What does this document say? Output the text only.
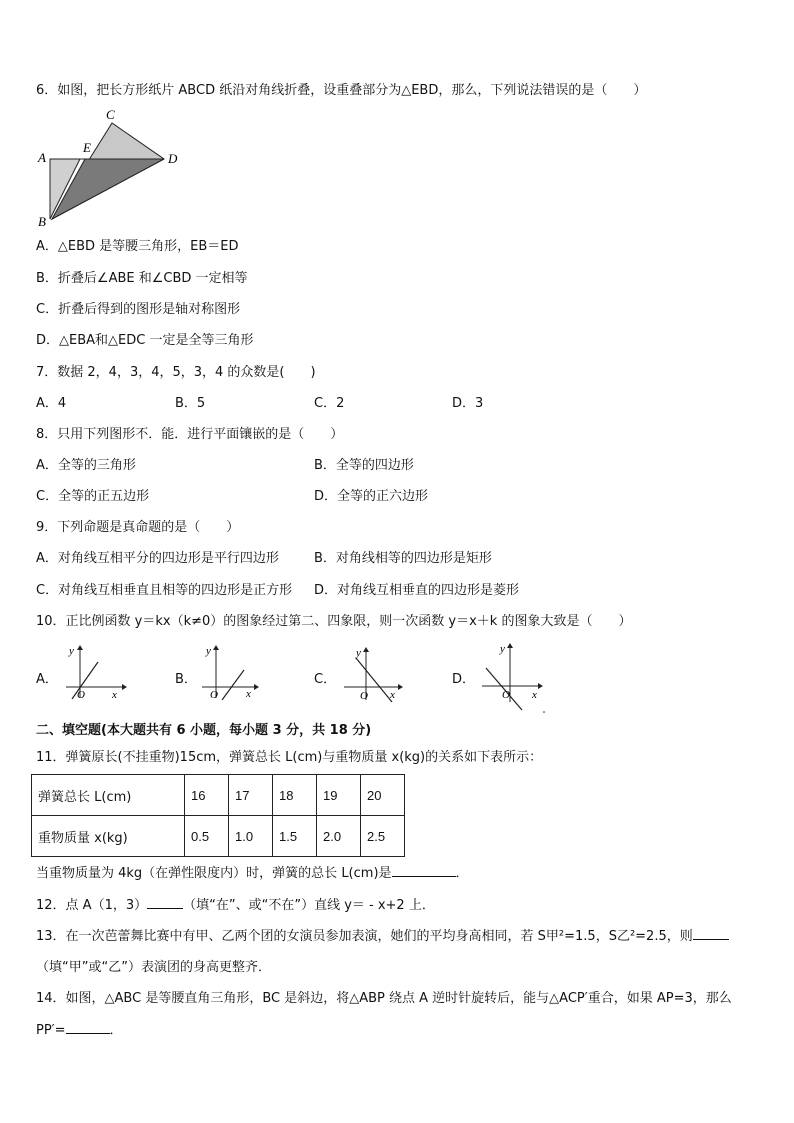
6．如图，把长方形纸片 ABCD 纸沿对角线折叠，设重叠部分为△EBD，那么，下列说法错误的是（　　）
C
A
E
D
B
A．△EBD 是等腰三角形，EB＝ED
B．折叠后∠ABE 和∠CBD 一定相等
C．折叠后得到的图形是轴对称图形
D．△EBA和△EDC 一定是全等三角形
7．数据 2，4，3，4，5，3，4 的众数是(　　)
A．4	B．5	C．2	D．3
8．只用下列图形不．能．进行平面镶嵌的是（　　）
A．全等的三角形	B．全等的四边形
C．全等的正五边形	D．全等的正六边形
9．下列命题是真命题的是（　　）
A．对角线互相平分的四边形是平行四边形	B．对角线相等的四边形是矩形
C．对角线互相垂直且相等的四边形是正方形 D．对角线互相垂直的四边形是菱形
10．正比例函数 y＝kx（k≠0）的图象经过第二、四象限，则一次函数 y＝x＋k 的图象大致是（　　）
A．
y
x
O
B．
y
x
O
C．
y
x
O
D．
y
x
O
二、填空题(本大题共有 6 小题，每小题 3 分，共 18 分)
11．弹簧原长(不挂重物)15cm，弹簧总长 L(cm)与重物质量 x(kg)的关系如下表所示：
弹簧总长 L(cm)	16	17	18	19	20
重物质量 x(kg)	0.5	1.0	1.5	2.0	2.5
当重物质量为 4kg（在弹性限度内）时，弹簧的总长 L(cm)是	．
12．点 A（1，3）	（填“在”、或“不在”）直线 y＝ - x+2 上．
13．在一次芭蕾舞比赛中有甲、乙两个团的女演员参加表演，她们的平均身高相同，若 S甲²=1.5，S乙²=2.5，则
（填“甲”或“乙”）表演团的身高更整齐．
14．如图，△ABC 是等腰直角三角形，BC 是斜边，将△ABP 绕点 A 逆时针旋转后，能与△ACP′重合，如果 AP=3，那么
PP′=	．
